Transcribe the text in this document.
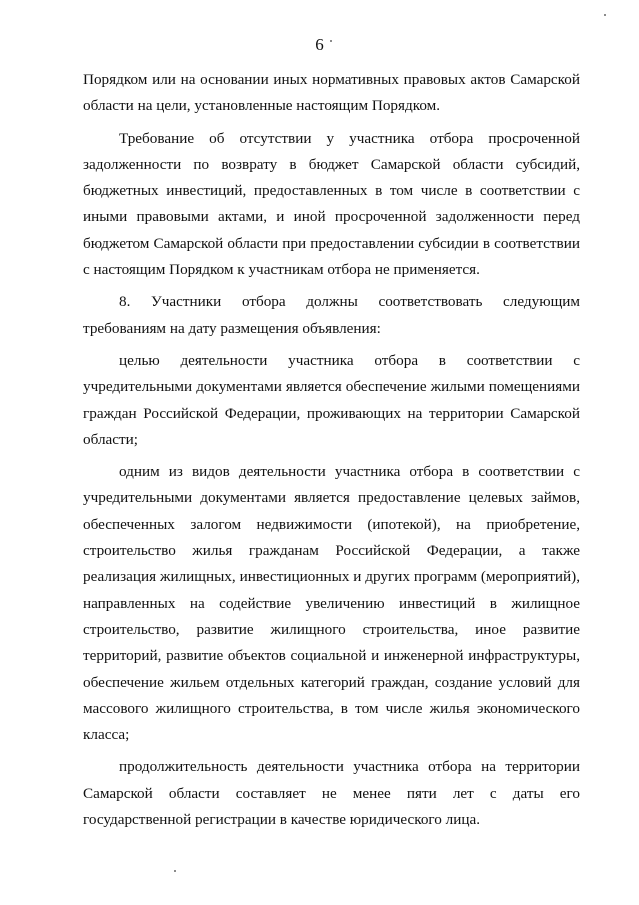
6

Порядком или на основании иных нормативных правовых актов Самарской области на цели, установленные настоящим Порядком.

Требование об отсутствии у участника отбора просроченной задолженности по возврату в бюджет Самарской области субсидий, бюджетных инвестиций, предоставленных в том числе в соответствии с иными правовыми актами, и иной просроченной задолженности перед бюджетом Самарской области при предоставлении субсидии в соответствии с настоящим Порядком к участникам отбора не применяется.

8. Участники отбора должны соответствовать следующим требованиям на дату размещения объявления:

целью деятельности участника отбора в соответствии с учредительными документами является обеспечение жилыми помещениями граждан Российской Федерации, проживающих на территории Самарской области;

одним из видов деятельности участника отбора в соответствии с учредительными документами является предоставление целевых займов, обеспеченных залогом недвижимости (ипотекой), на приобретение, строительство жилья гражданам Российской Федерации, а также реализация жилищных, инвестиционных и других программ (мероприятий), направленных на содействие увеличению инвестиций в жилищное строительство, развитие жилищного строительства, иное развитие территорий, развитие объектов социальной и инженерной инфраструктуры, обеспечение жильем отдельных категорий граждан, создание условий для массового жилищного строительства, в том числе жилья экономического класса;

продолжительность деятельности участника отбора на территории Самарской области составляет не менее пяти лет с даты его государственной регистрации в качестве юридического лица.
